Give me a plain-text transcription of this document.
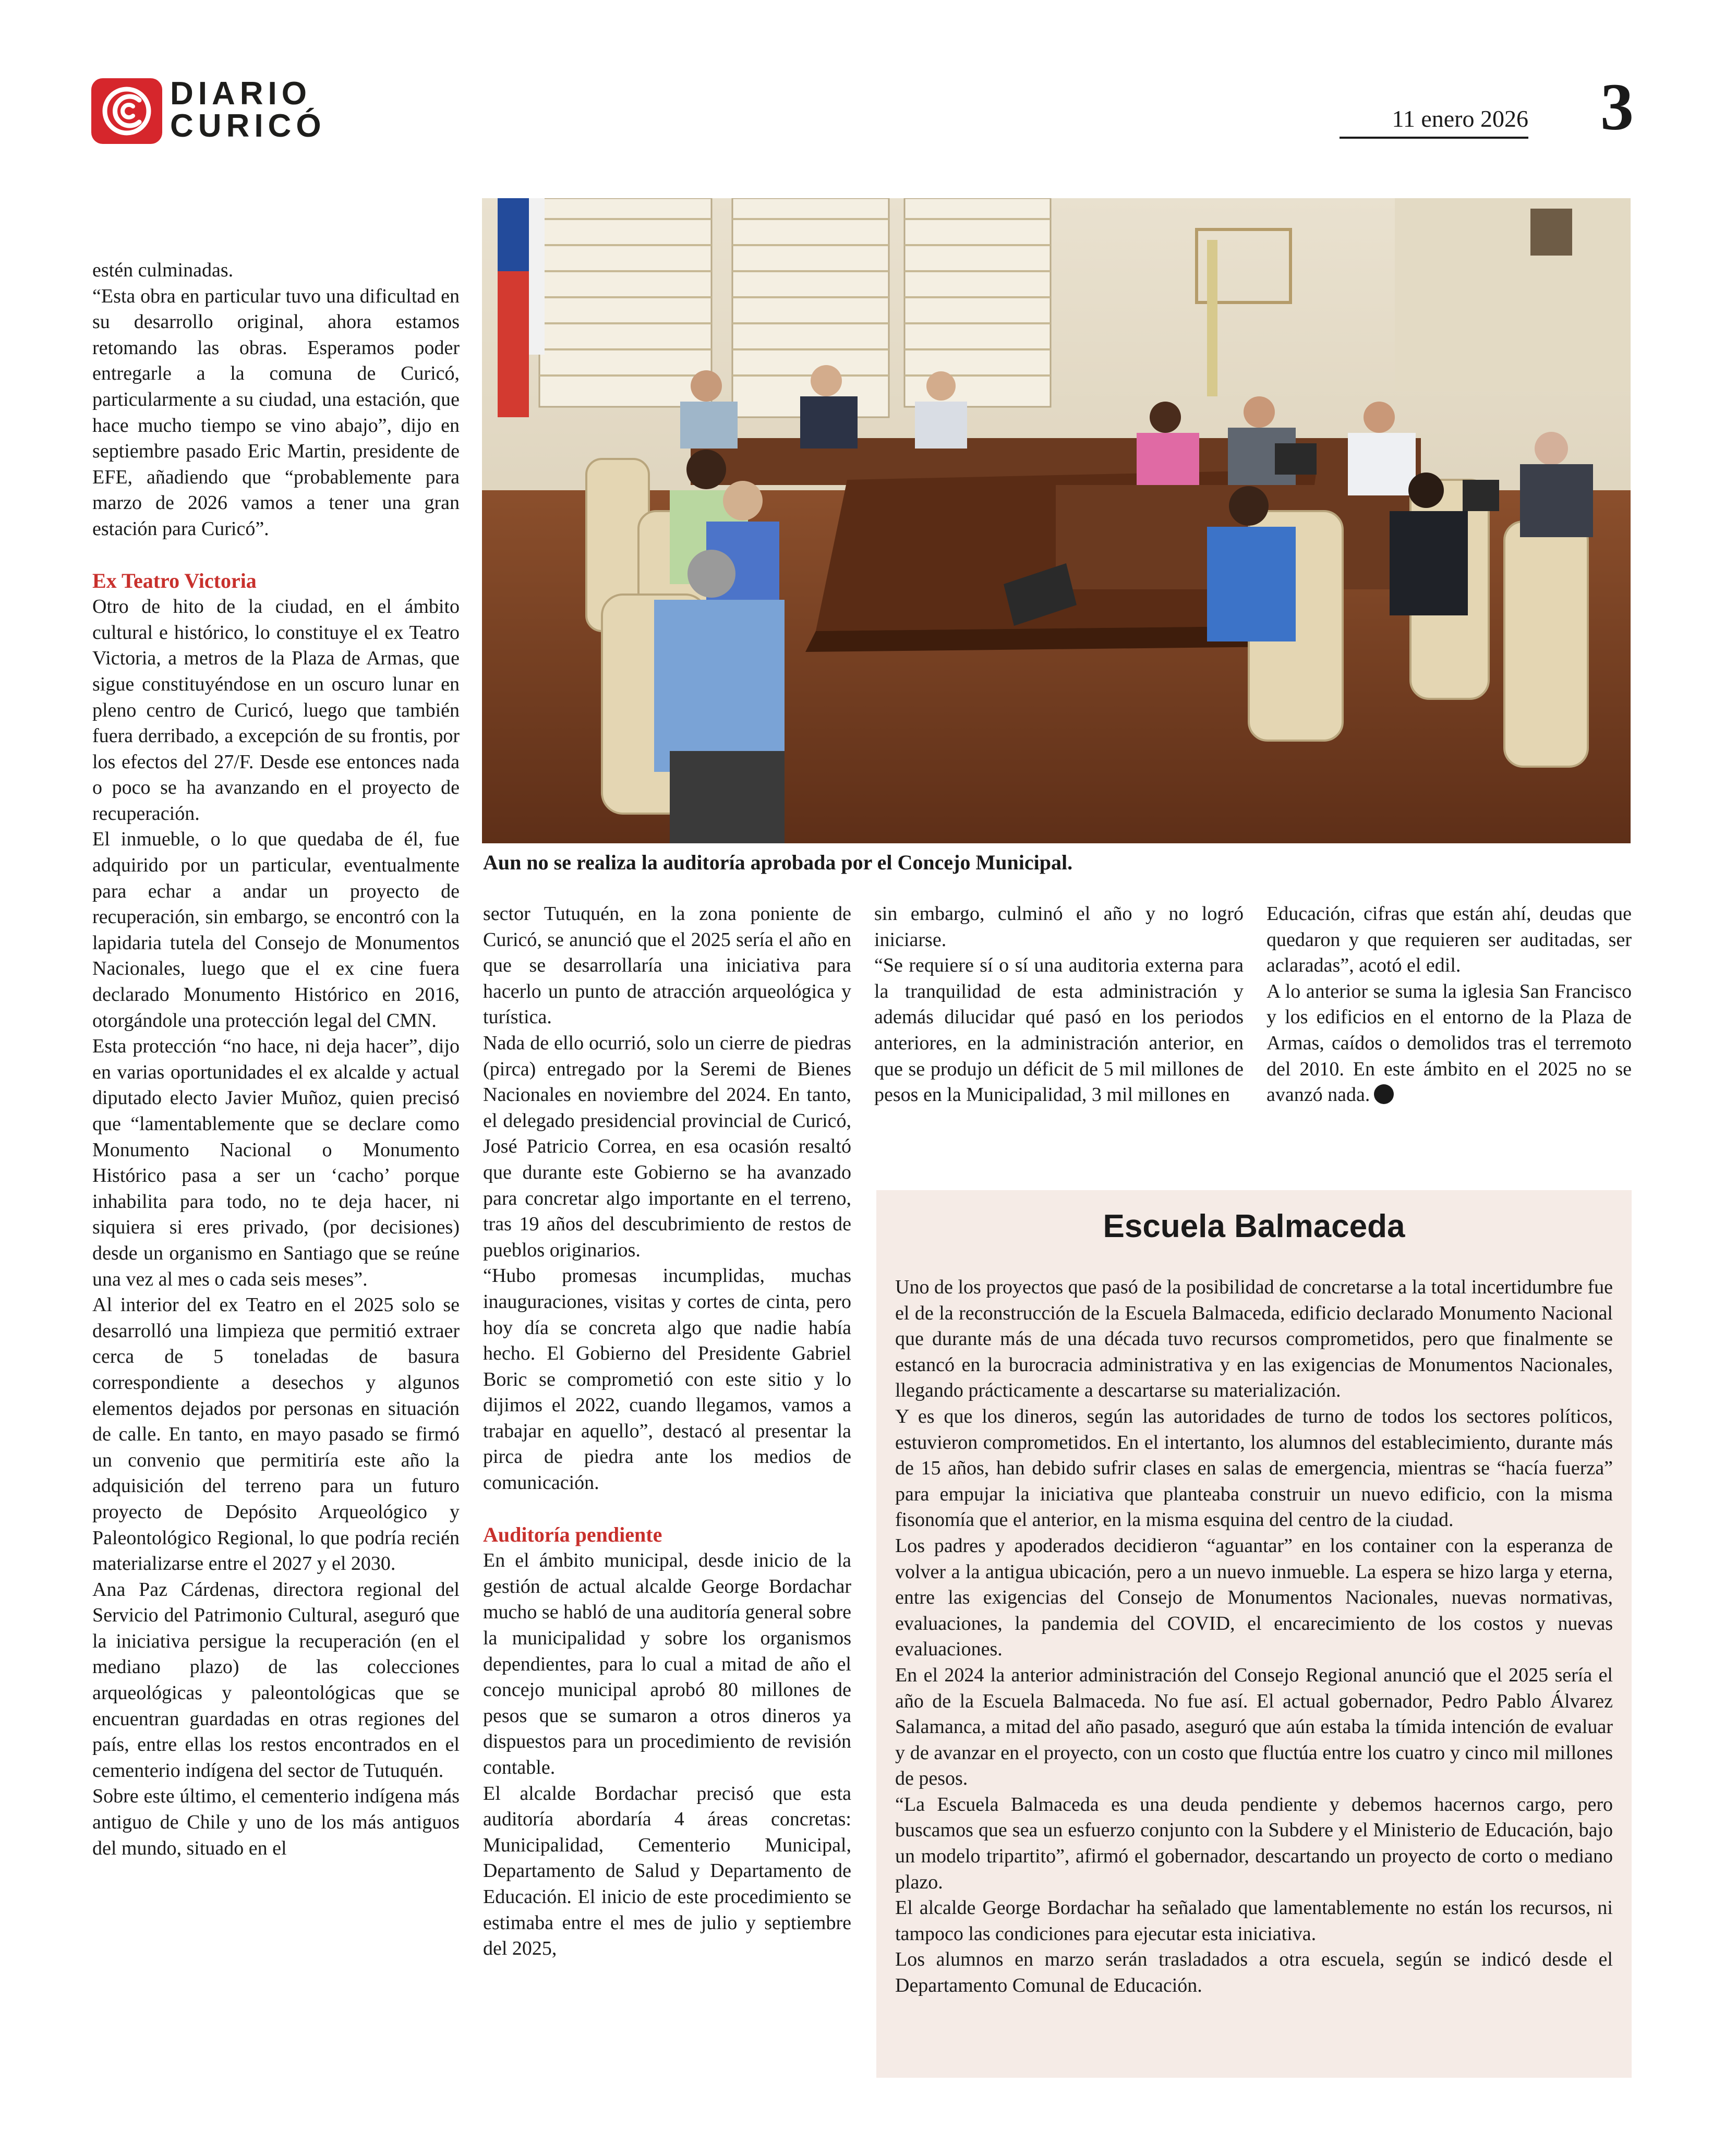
DIARIO
CURICÓ	11 enero 2026 3
Aun no se realiza la auditoría aprobada por el Concejo Municipal.

estén culminadas.

“Esta obra en particular tuvo una dificultad en su desarrollo original, ahora estamos retomando las obras. Esperamos poder entregarle a la comuna de Curicó, particularmente a su ciudad, una estación, que hace mucho tiempo se vino abajo”, dijo en septiembre pasado Eric Martin, presidente de EFE, añadiendo que “probablemente para marzo de 2026 vamos a tener una gran estación para Curicó”.

Ex Teatro Victoria

Otro de hito de la ciudad, en el ámbito cultural e histórico, lo constituye el ex Teatro Victoria, a metros de la Plaza de Armas, que sigue constituyéndose en un oscuro lunar en pleno centro de Curicó, luego que también fuera derribado, a excepción de su frontis, por los efectos del 27/F. Desde ese entonces nada o poco se ha avanzando en el proyecto de recuperación.

El inmueble, o lo que quedaba de él, fue adquirido por un particular, eventualmente para echar a andar un proyecto de recuperación, sin embargo, se encontró con la lapidaria tutela del Consejo de Monumentos Nacionales, luego que el ex cine fuera declarado Monumento Histórico en 2016, otorgándole una protección legal del CMN.

Esta protección “no hace, ni deja hacer”, dijo en varias oportunidades el ex alcalde y actual diputado electo Javier Muñoz, quien precisó que “lamentablemente que se declare como Monumento Nacional o Monumento Histórico pasa a ser un ‘cacho’ porque inhabilita para todo, no te deja hacer, ni siquiera si eres privado, (por decisiones) desde un organismo en Santiago que se reúne una vez al mes o cada seis meses”.

Al interior del ex Teatro en el 2025 solo se desarrolló una limpieza que permitió extraer cerca de 5 toneladas de basura correspondiente a desechos y algunos elementos dejados por personas en situación de calle. En tanto, en mayo pasado se firmó un convenio que permitiría este año la adquisición del terreno para un futuro proyecto de Depósito Arqueológico y Paleontológico Regional, lo que podría recién materializarse entre el 2027 y el 2030.

Ana Paz Cárdenas, directora regional del Servicio del Patrimonio Cultural, aseguró que la iniciativa persigue la recuperación (en el mediano plazo) de las colecciones arqueológicas y paleontológicas que se encuentran guardadas en otras regiones del país, entre ellas los restos encontrados en el cementerio indígena del sector de Tutuquén.

Sobre este último, el cementerio indígena más antiguo de Chile y uno de los más antiguos del mundo, situado en el

sector Tutuquén, en la zona poniente de Curicó, se anunció que el 2025 sería el año en que se desarrollaría una iniciativa para hacerlo un punto de atracción arqueológica y turística.

Nada de ello ocurrió, solo un cierre de piedras (pirca) entregado por la Seremi de Bienes Nacionales en noviembre del 2024. En tanto, el delegado presidencial provincial de Curicó, José Patricio Correa, en esa ocasión resaltó que durante este Gobierno se ha avanzado para concretar algo importante en el terreno, tras 19 años del descubrimiento de restos de pueblos originarios.

“Hubo promesas incumplidas, muchas inauguraciones, visitas y cortes de cinta, pero hoy día se concreta algo que nadie había hecho. El Gobierno del Presidente Gabriel Boric se comprometió con este sitio y lo dijimos el 2022, cuando llegamos, vamos a trabajar en aquello”, destacó al presentar la pirca de piedra ante los medios de comunicación.

Auditoría pendiente

En el ámbito municipal, desde inicio de la gestión de actual alcalde George Bordachar mucho se habló de una auditoría general sobre la municipalidad y sobre los organismos dependientes, para lo cual a mitad de año el concejo municipal aprobó 80 millones de pesos que se sumaron a otros dineros ya dispuestos para un procedimiento de revisión contable.

El alcalde Bordachar precisó que esta auditoría abordaría 4 áreas concretas: Municipalidad, Cementerio Municipal, Departamento de Salud y Departamento de Educación. El inicio de este procedimiento se estimaba entre el mes de julio y septiembre del 2025,

sin embargo, culminó el año y no logró iniciarse.

“Se requiere sí o sí una auditoria externa para la tranquilidad de esta administración y además dilucidar qué pasó en los periodos anteriores, en la administración anterior, en que se produjo un déficit de 5 mil millones de pesos en la Municipalidad, 3 mil millones en

Educación, cifras que están ahí, deudas que quedaron y que requieren ser auditadas, ser aclaradas”, acotó el edil.

A lo anterior se suma la iglesia San Francisco y los edificios en el entorno de la Plaza de Armas, caídos o demolidos tras el terremoto del 2010. En este ámbito en el 2025 no se avanzó nada.

Escuela Balmaceda

Uno de los proyectos que pasó de la posibilidad de concretarse a la total incertidumbre fue el de la reconstrucción de la Escuela Balmaceda, edificio declarado Monumento Nacional que durante más de una década tuvo recursos comprometidos, pero que finalmente se estancó en la burocracia administrativa y en las exigencias de Monumentos Nacionales, llegando prácticamente a descartarse su materialización.

Y es que los dineros, según las autoridades de turno de todos los sectores políticos, estuvieron comprometidos. En el intertanto, los alumnos del establecimiento, durante más de 15 años, han debido sufrir clases en salas de emergencia, mientras se “hacía fuerza” para empujar la iniciativa que planteaba construir un nuevo edificio, con la misma fisonomía que el anterior, en la misma esquina del centro de la ciudad.

Los padres y apoderados decidieron “aguantar” en los container con la esperanza de volver a la antigua ubicación, pero a un nuevo inmueble. La espera se hizo larga y eterna, entre las exigencias del Consejo de Monumentos Nacionales, nuevas normativas, evaluaciones, la pandemia del COVID, el encarecimiento de los costos y nuevas evaluaciones.

En el 2024 la anterior administración del Consejo Regional anunció que el 2025 sería el año de la Escuela Balmaceda. No fue así. El actual gobernador, Pedro Pablo Álvarez Salamanca, a mitad del año pasado, aseguró que aún estaba la tímida intención de evaluar y de avanzar en el proyecto, con un costo que fluctúa entre los cuatro y cinco mil millones de pesos.

“La Escuela Balmaceda es una deuda pendiente y debemos hacernos cargo, pero buscamos que sea un esfuerzo conjunto con la Subdere y el Ministerio de Educación, bajo un modelo tripartito”, afirmó el gobernador, descartando un proyecto de corto o mediano plazo.

El alcalde George Bordachar ha señalado que lamentablemente no están los recursos, ni tampoco las condiciones para ejecutar esta iniciativa.

Los alumnos en marzo serán trasladados a otra escuela, según se indicó desde el Departamento Comunal de Educación.
